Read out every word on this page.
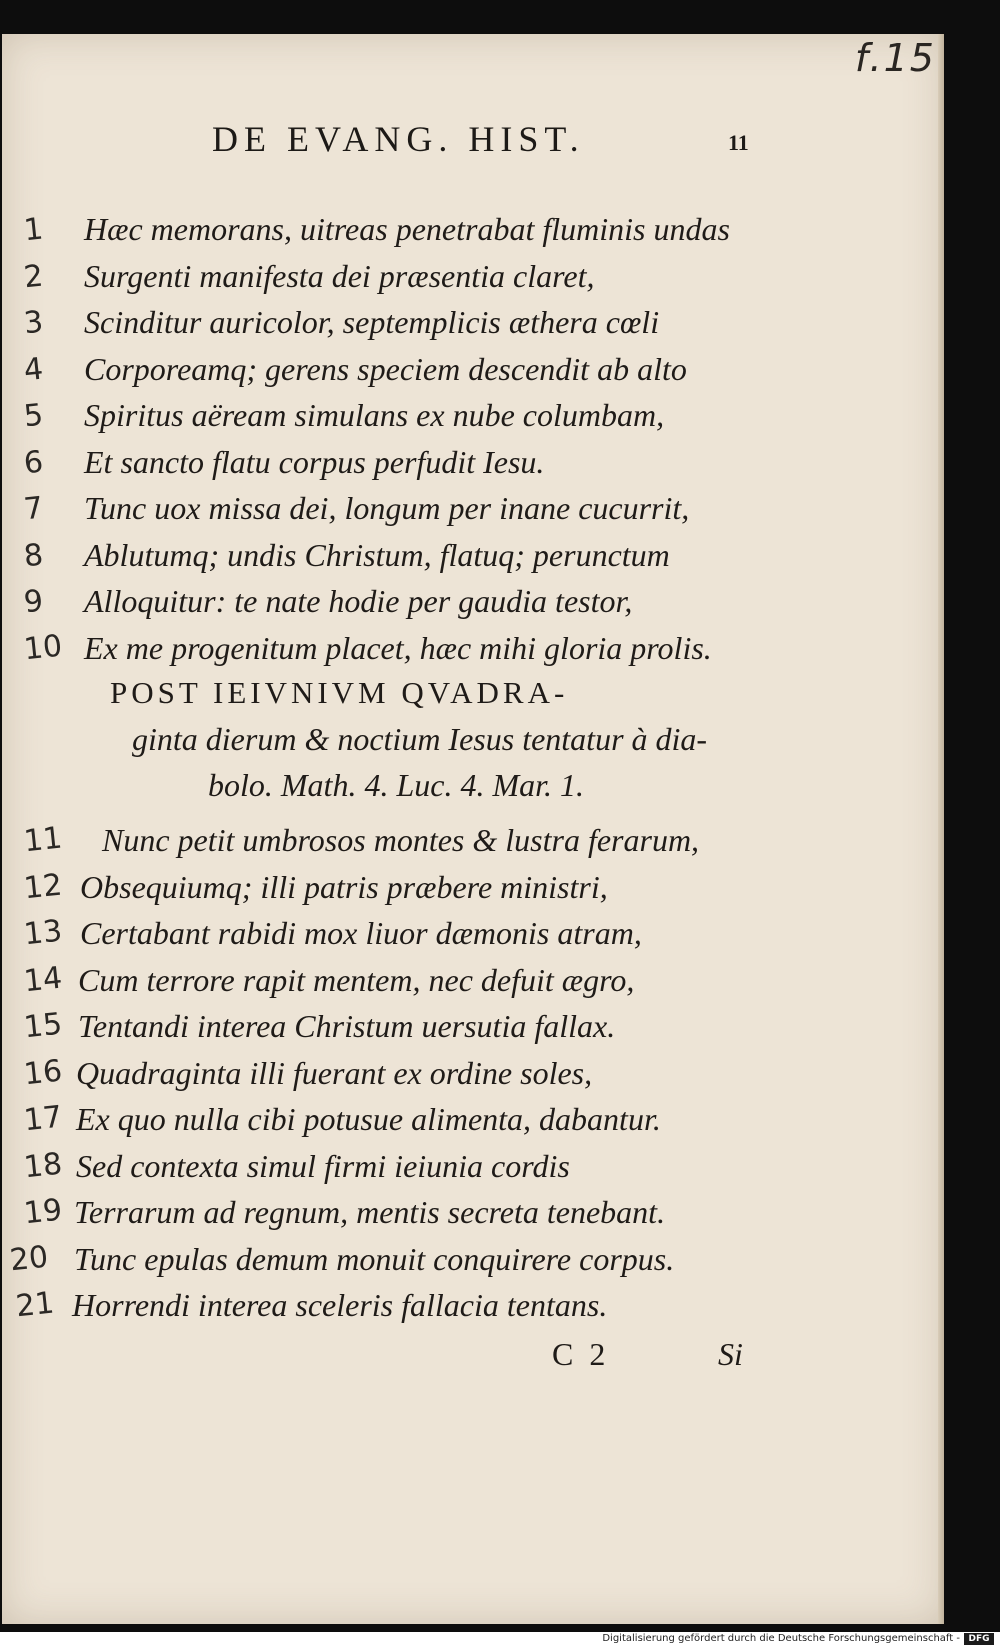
f.15
DE EVANG. HIST.	11
1	Hæc memorans, uitreas penetrabat fluminis undas
2	Surgenti manifesta dei præsentia claret,
3	Scinditur auricolor, septemplicis æthera cœli
4	Corporeamq; gerens speciem descendit ab alto
5	Spiritus aëream simulans ex nube columbam,
6	Et sancto flatu corpus perfudit Iesu.
7	Tunc uox missa dei, longum per inane cucurrit,
8	Ablutumq; undis Christum, flatuq; perunctum
9	Alloquitur: te nate hodie per gaudia testor,
10 Ex me progenitum placet, hæc mihi gloria prolis.
POST IEIVNIVM QVADRA-
ginta dierum & noctium Iesus tentatur à dia-
bolo. Math. 4. Luc. 4. Mar. 1.
11 Nunc petit umbrosos montes & lustra ferarum,
12 Obsequiumq; illi patris præbere ministri,
13 Certabant rabidi mox liuor dæmonis atram,
14 Cum terrore rapit mentem, nec defuit ægro,
15 Tentandi interea Christum uersutia fallax.
16 Quadraginta illi fuerant ex ordine soles,
17 Ex quo nulla cibi potusue alimenta, dabantur.
18 Sed contexta simul firmi ieiunia cordis
19 Terrarum ad regnum, mentis secreta tenebant.
20 Tunc epulas demum monuit conquirere corpus.
21 Horrendi interea sceleris fallacia tentans.
C 2	Si
Digitalisierung gefördert durch die Deutsche Forschungsgemeinschaft - DFG
